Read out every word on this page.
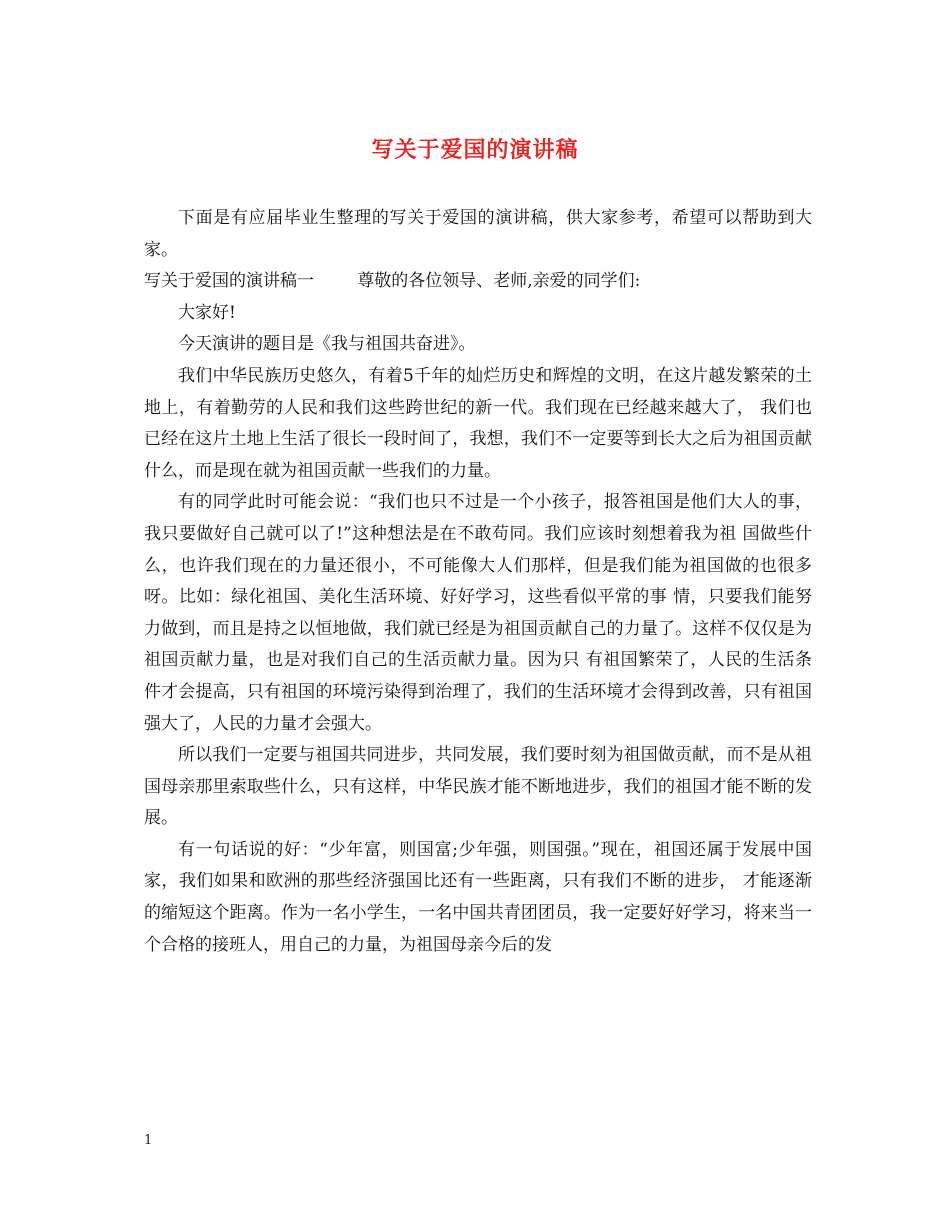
写关于爱国的演讲稿

下面是有应届毕业生整理的写关于爱国的演讲稿，供大家参考，希望可以帮助到大家。

写关于爱国的演讲稿一        尊敬的各位领导、老师,亲爱的同学们:

大家好!

今天演讲的题目是《我与祖国共奋进》。

我们中华民族历史悠久，有着5千年的灿烂历史和辉煌的文明，在这片越发繁荣的土地上，有着勤劳的人民和我们这些跨世纪的新一代。我们现在已经越来越大了， 我们也已经在这片土地上生活了很长一段时间了，我想，我们不一定要等到长大之后为祖国贡献什么，而是现在就为祖国贡献一些我们的力量。

有的同学此时可能会说：“我们也只不过是一个小孩子，报答祖国是他们大人的事，我只要做好自己就可以了!”这种想法是在不敢苟同。我们应该时刻想着我为祖 国做些什么，也许我们现在的力量还很小，不可能像大人们那样，但是我们能为祖国做的也很多呀。比如：绿化祖国、美化生活环境、好好学习，这些看似平常的事 情，只要我们能努力做到，而且是持之以恒地做，我们就已经是为祖国贡献自己的力量了。这样不仅仅是为祖国贡献力量，也是对我们自己的生活贡献力量。因为只 有祖国繁荣了，人民的生活条件才会提高，只有祖国的环境污染得到治理了，我们的生活环境才会得到改善，只有祖国强大了，人民的力量才会强大。

所以我们一定要与祖国共同进步，共同发展，我们要时刻为祖国做贡献，而不是从祖国母亲那里索取些什么，只有这样，中华民族才能不断地进步，我们的祖国才能不断的发展。

有一句话说的好：“少年富，则国富;少年强，则国强。”现在，祖国还属于发展中国家，我们如果和欧洲的那些经济强国比还有一些距离，只有我们不断的进步， 才能逐渐的缩短这个距离。作为一名小学生，一名中国共青团团员，我一定要好好学习，将来当一个合格的接班人，用自己的力量，为祖国母亲今后的发

1
